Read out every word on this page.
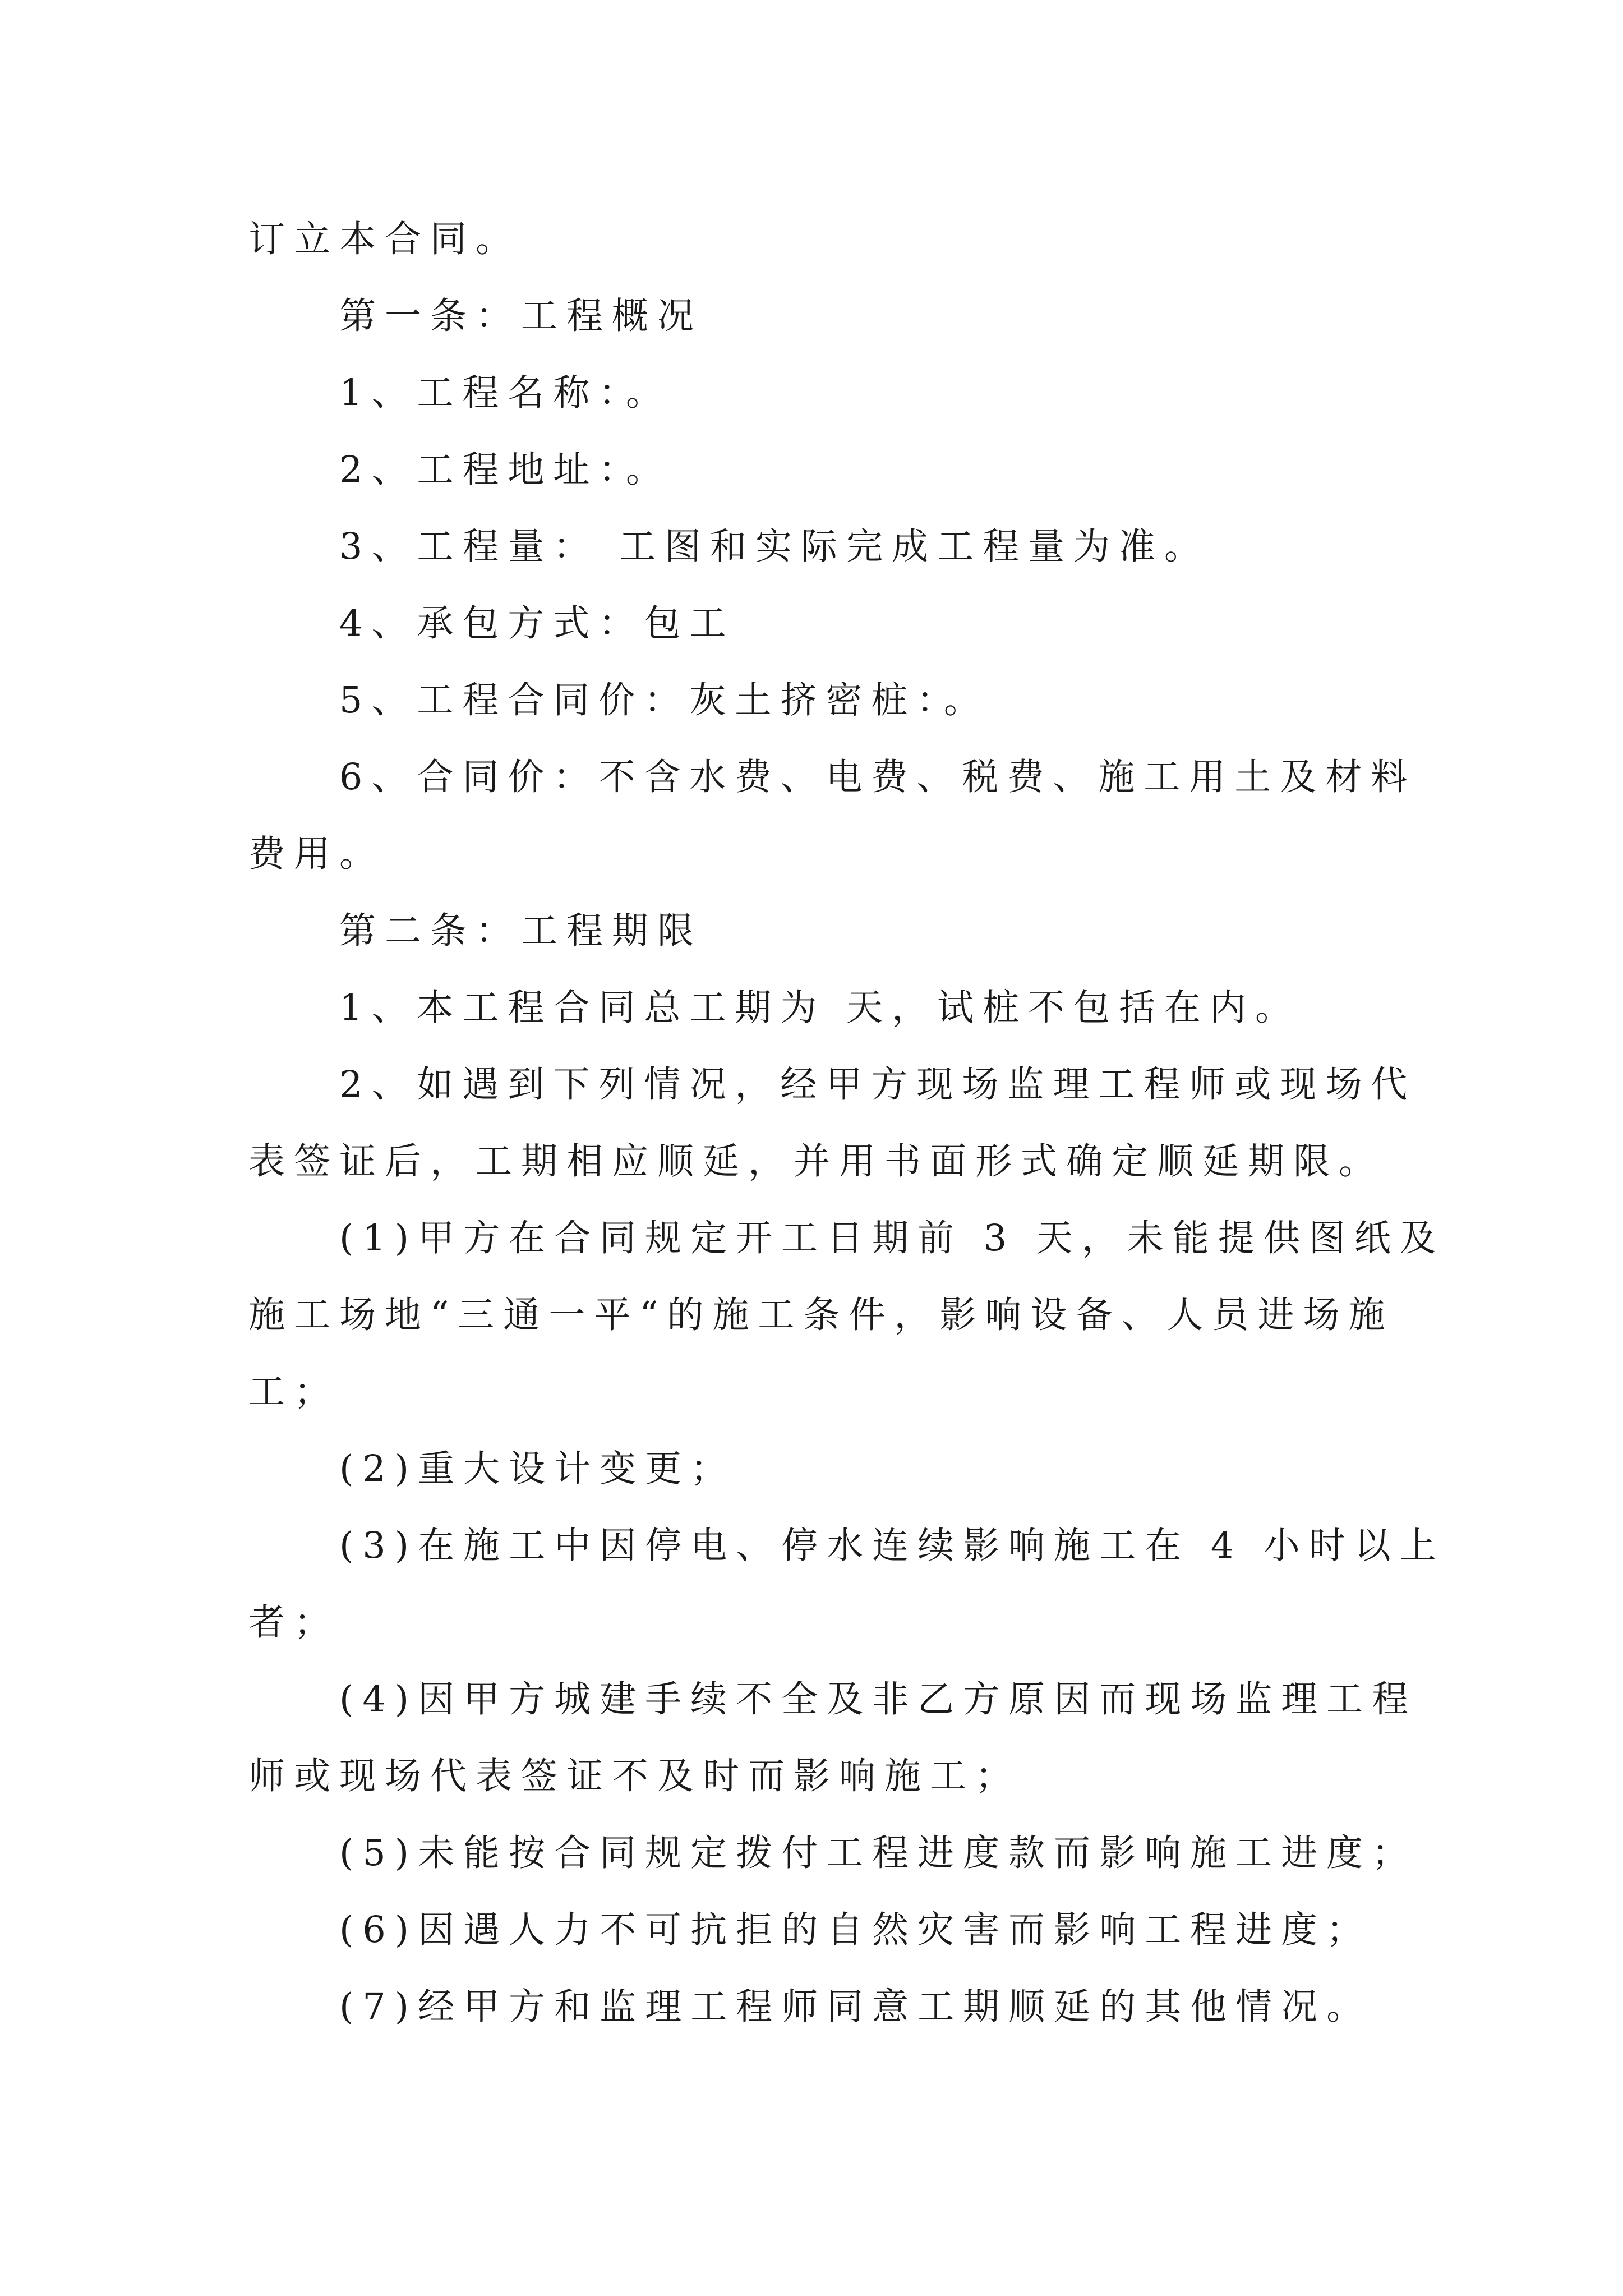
订立本合同。
第一条：工程概况
1、工程名称：。
2、工程地址：。
3、工程量： 工图和实际完成工程量为准。
4、承包方式：包工
5、工程合同价：灰土挤密桩：。
6、合同价：不含水费、电费、税费、施工用土及材料
费用。
第二条：工程期限
1、本工程合同总工期为 天，试桩不包括在内。
2、如遇到下列情况，经甲方现场监理工程师或现场代
表签证后，工期相应顺延，并用书面形式确定顺延期限。
(1)甲方在合同规定开工日期前 3 天，未能提供图纸及
施工场地“三通一平“的施工条件，影响设备、人员进场施
工；
(2)重大设计变更；
(3)在施工中因停电、停水连续影响施工在 4 小时以上
者；
(4)因甲方城建手续不全及非乙方原因而现场监理工程
师或现场代表签证不及时而影响施工；
(5)未能按合同规定拨付工程进度款而影响施工进度；
(6)因遇人力不可抗拒的自然灾害而影响工程进度；
(7)经甲方和监理工程师同意工期顺延的其他情况。
